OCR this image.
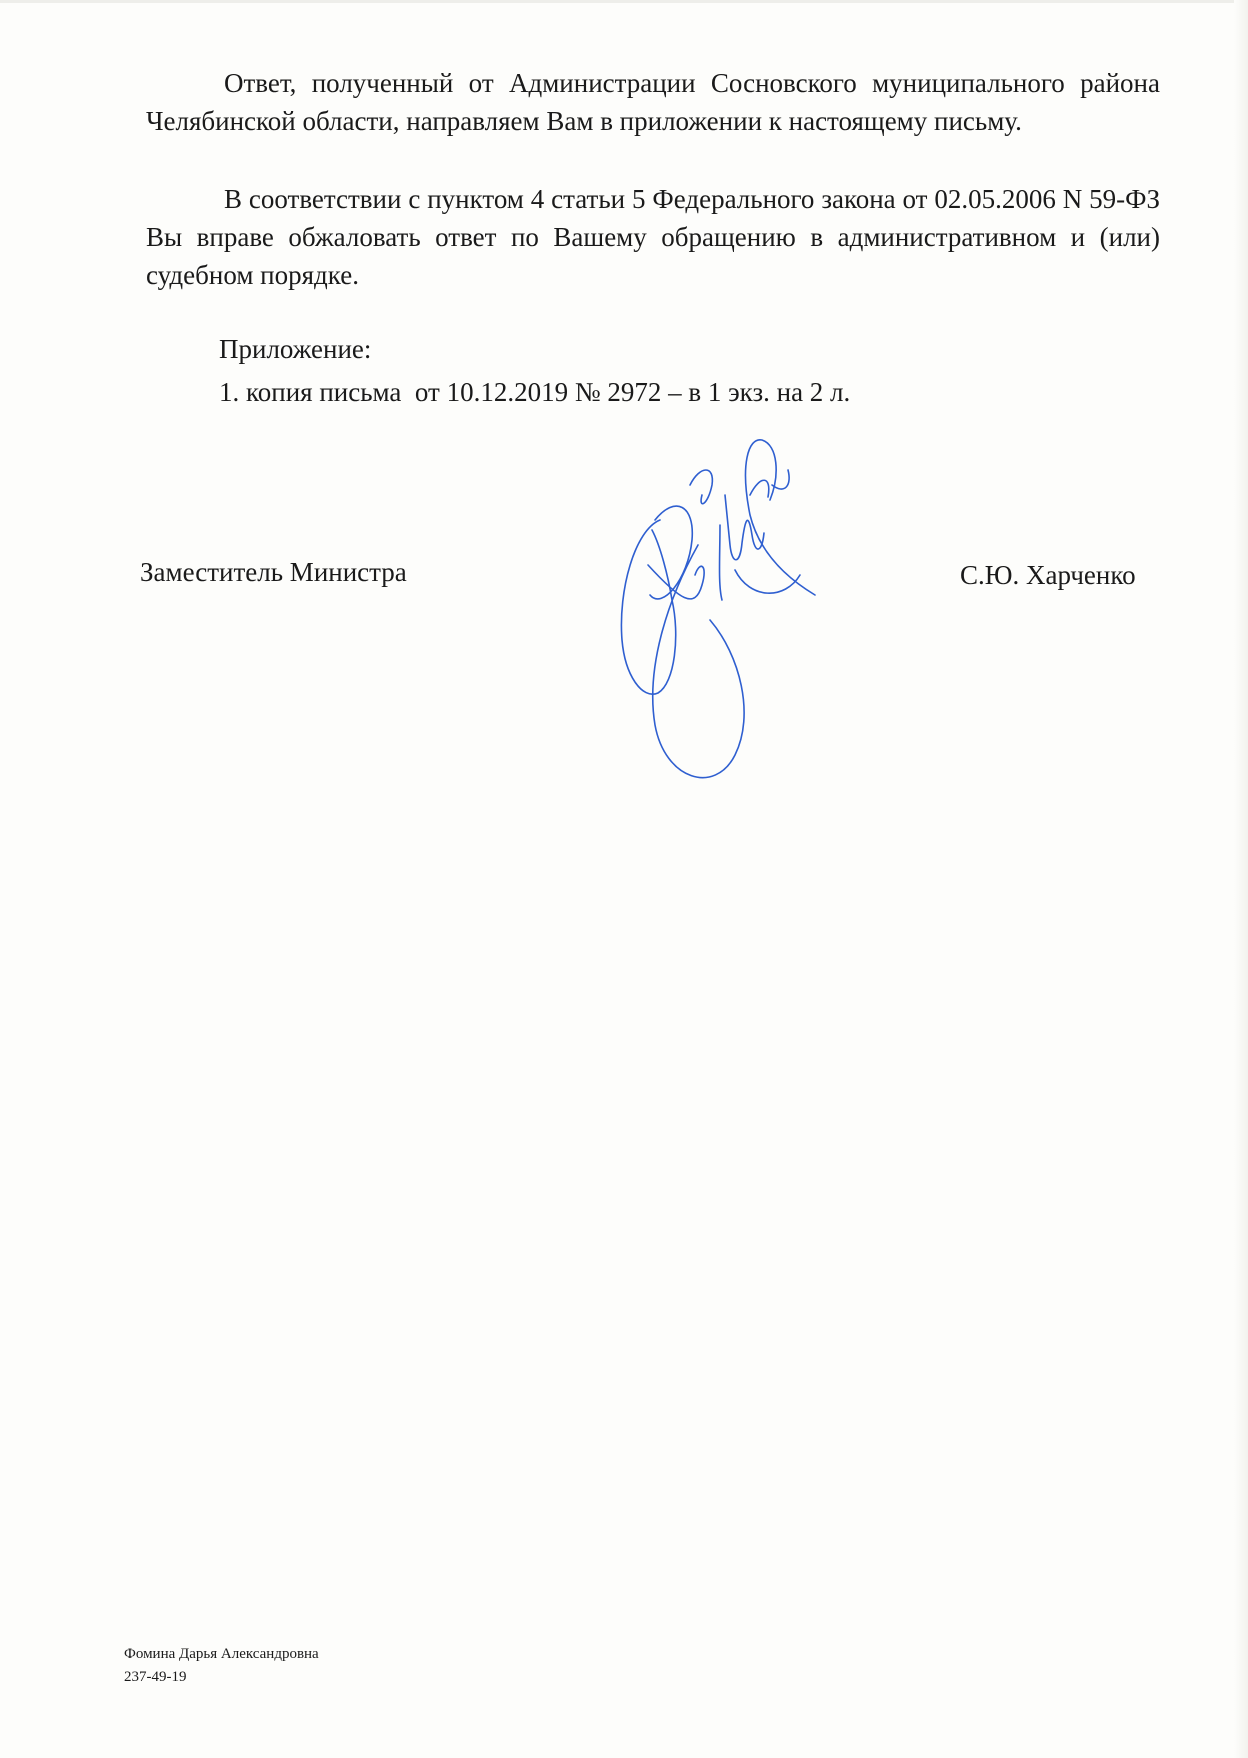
Ответ, полученный от Администрации Сосновского муниципального района Челябинской области, направляем Вам в приложении к настоящему письму.

В соответствии с пунктом 4 статьи 5 Федерального закона от 02.05.2006 N 59-ФЗ Вы вправе обжаловать ответ по Вашему обращению в административном и (или) судебном порядке.

Приложение:

1. копия письма  от 10.12.2019 № 2972 – в 1 экз. на 2 л.

Заместитель Министра	С.Ю. Харченко

Фомина Дарья Александровна

237-49-19
